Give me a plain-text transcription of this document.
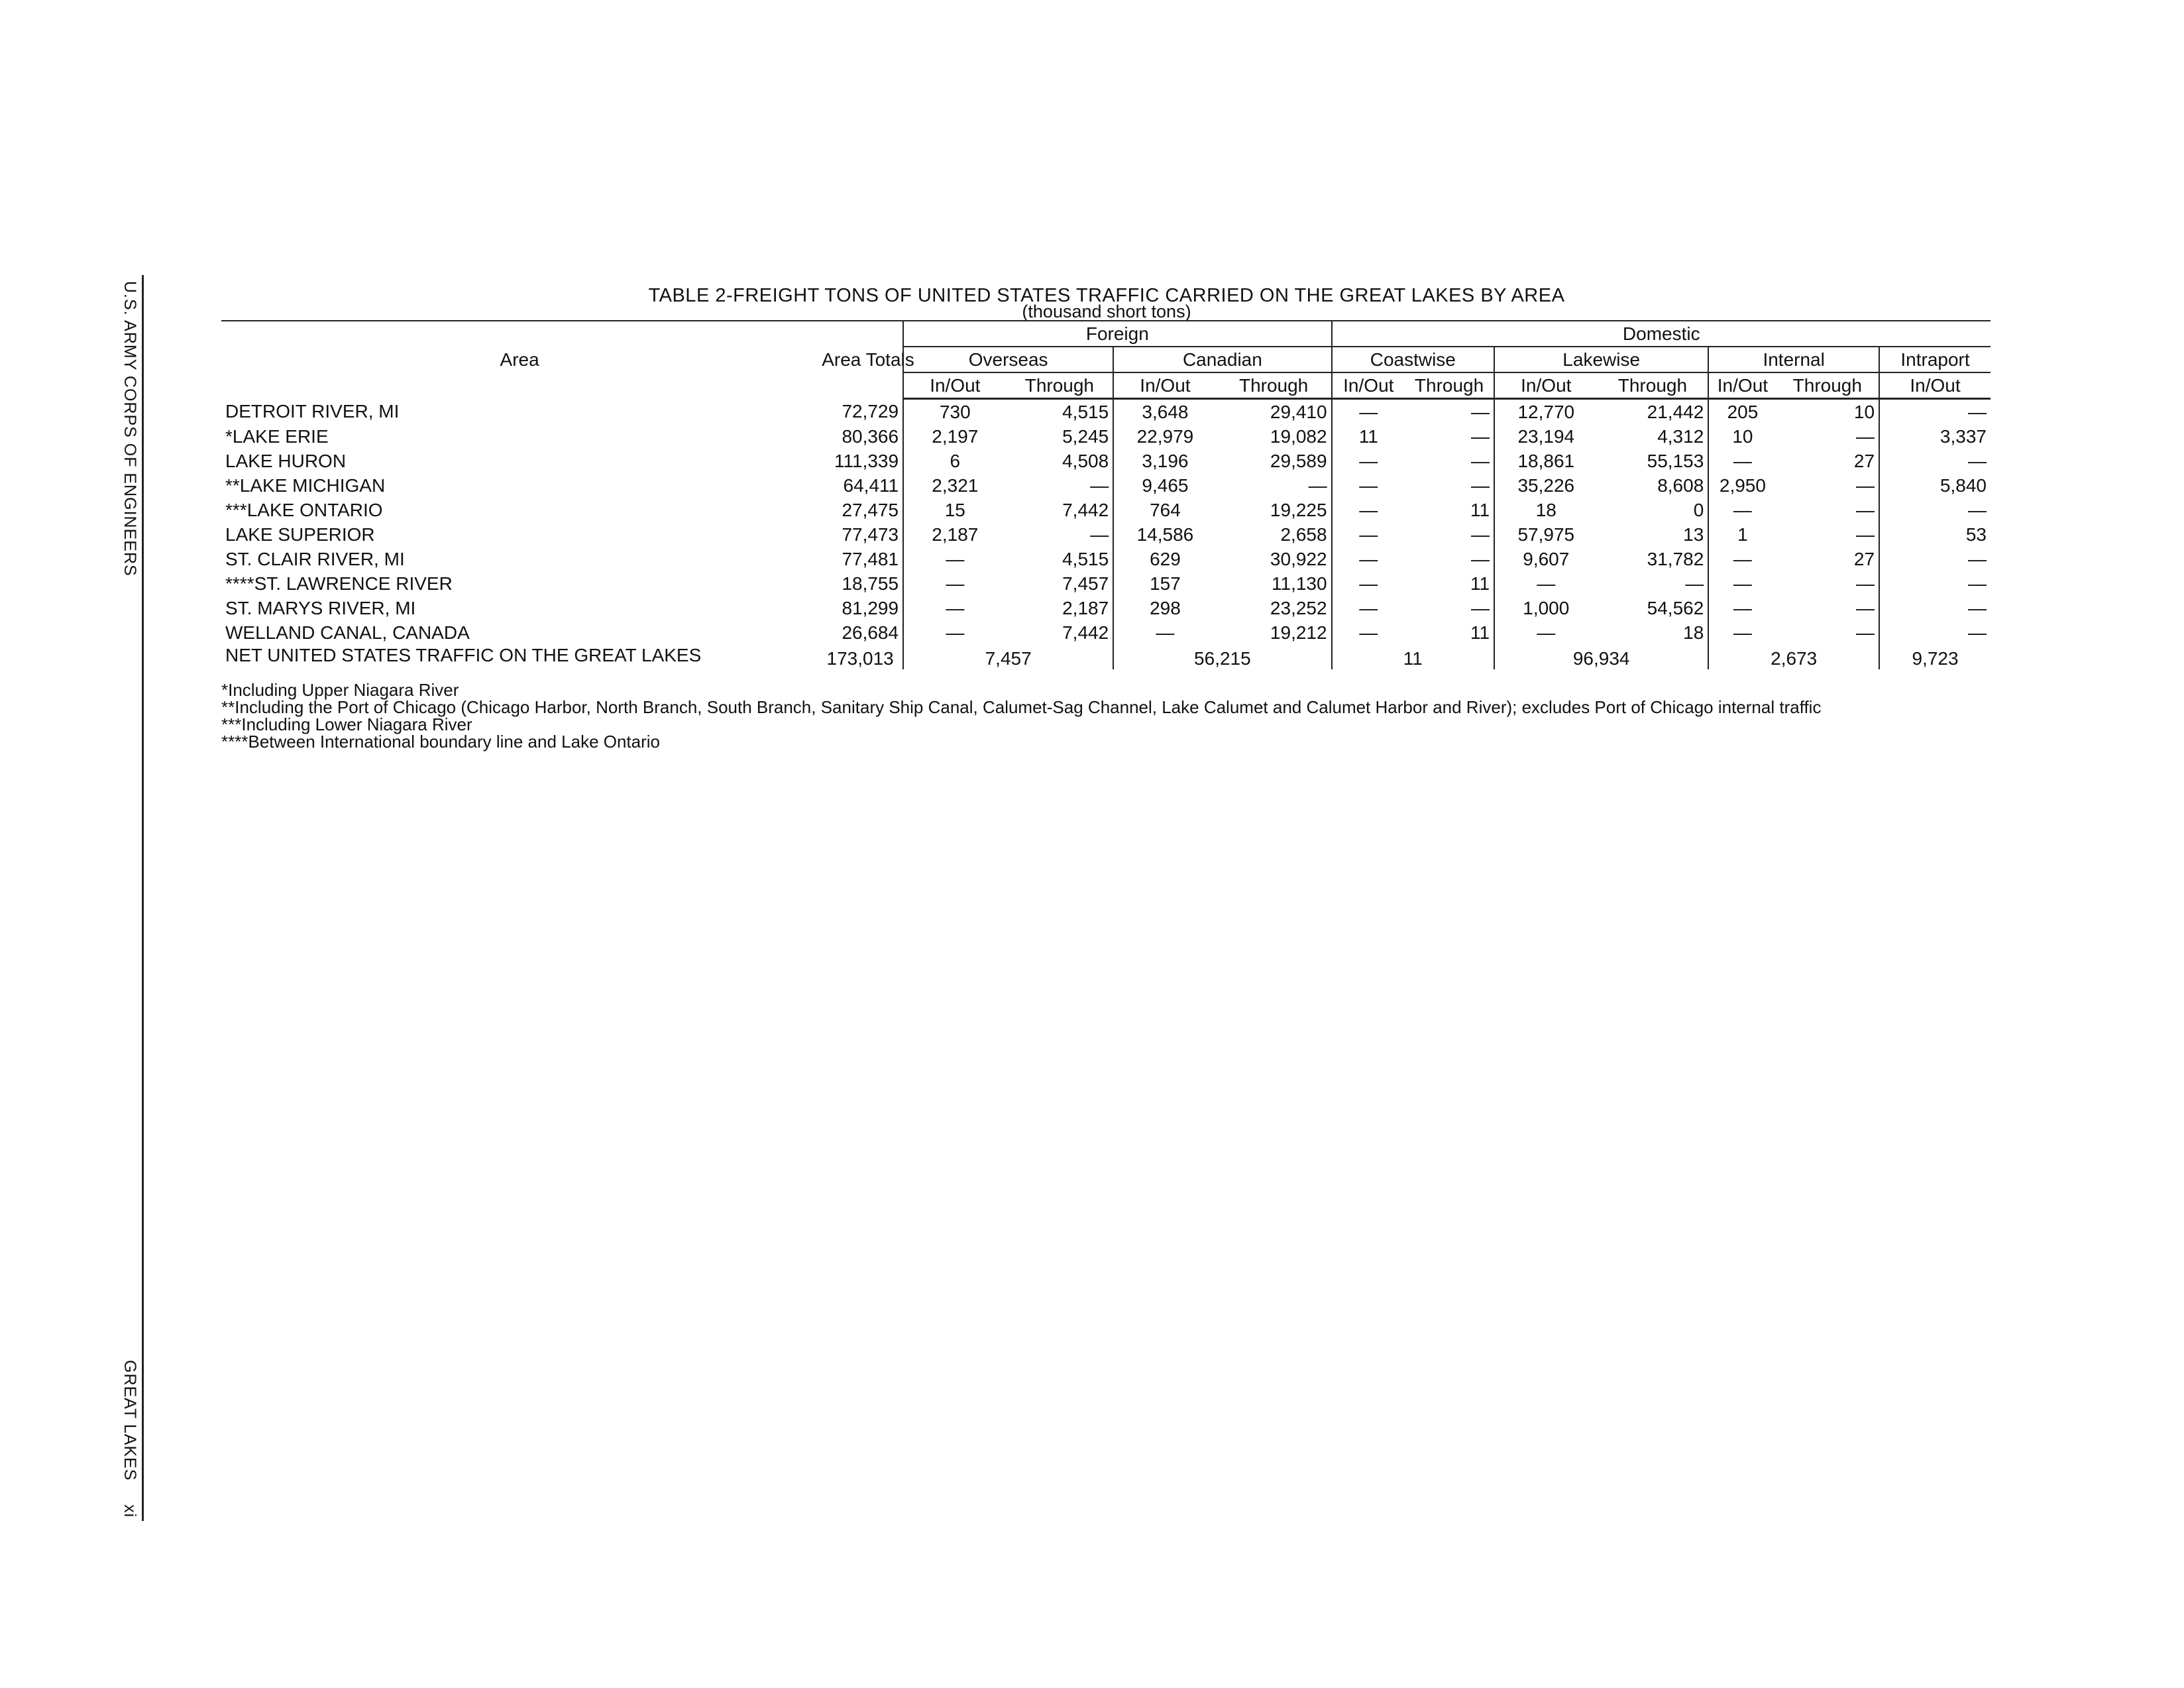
U.S. ARMY CORPS OF ENGINEERS
GREAT LAKES
xi
TABLE 2-FREIGHT TONS OF UNITED STATES TRAFFIC CARRIED ON THE GREAT LAKES BY AREA
(thousand short tons)
Area	Area Totals	Foreign				Domestic						
		Overseas		Canadian		Coastwise		Lakewise		Internal		Intraport
		In/Out	Through	In/Out	Through	In/Out	Through	In/Out	Through	In/Out	Through	In/Out
DETROIT RIVER, MI	72,729	730	4,515	3,648	29,410	—	—	12,770	21,442	205	10	—
*LAKE ERIE	80,366	2,197	5,245	22,979	19,082	11	—	23,194	4,312	10	—	3,337
LAKE HURON	111,339	6	4,508	3,196	29,589	—	—	18,861	55,153	—	27	—
**LAKE MICHIGAN	64,411	2,321	—	9,465	—	—	—	35,226	8,608	2,950	—	5,840
***LAKE ONTARIO	27,475	15	7,442	764	19,225	—	11	18	0	—	—	—
LAKE SUPERIOR	77,473	2,187	—	14,586	2,658	—	—	57,975	13	1	—	53
ST. CLAIR RIVER, MI	77,481	—	4,515	629	30,922	—	—	9,607	31,782	—	27	—
****ST. LAWRENCE RIVER	18,755	—	7,457	157	11,130	—	11	—	—	—	—	—
ST. MARYS RIVER, MI	81,299	—	2,187	298	23,252	—	—	1,000	54,562	—	—	—
WELLAND CANAL, CANADA	26,684	—	7,442	—	19,212	—	11	—	18	—	—	—
NET UNITED STATES TRAFFIC ON THE GREAT LAKES	173,013	7,457		56,215		11		96,934		2,673		9,723
*Including Upper Niagara River
**Including the Port of Chicago (Chicago Harbor, North Branch, South Branch, Sanitary Ship Canal, Calumet-Sag Channel, Lake Calumet and Calumet Harbor and River); excludes Port of Chicago internal traffic
***Including Lower Niagara River
****Between International boundary line and Lake Ontario
